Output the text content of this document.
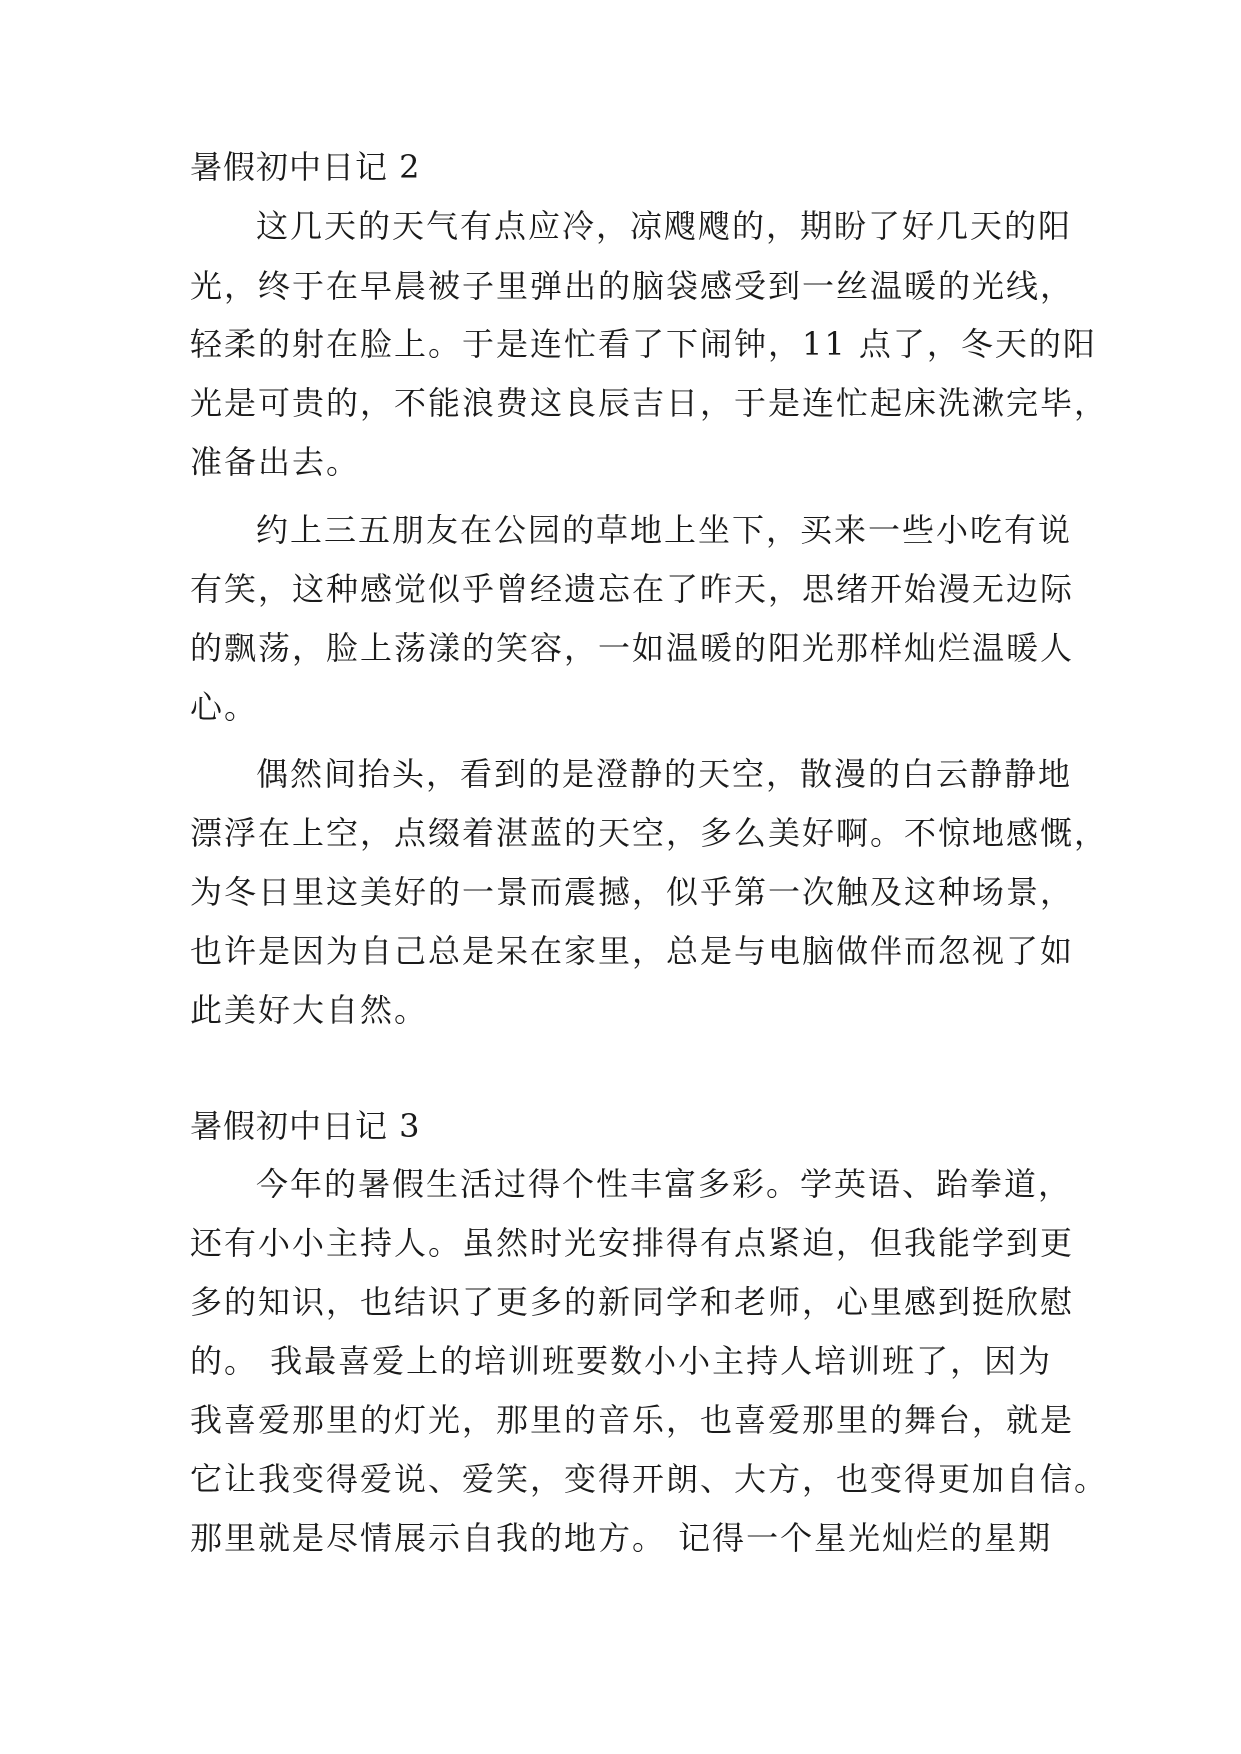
暑假初中日记 2
这几天的天气有点应冷，凉飕飕的，期盼了好几天的阳
光，终于在早晨被子里弹出的脑袋感受到一丝温暖的光线，
轻柔的射在脸上。于是连忙看了下闹钟，11 点了，冬天的阳
光是可贵的，不能浪费这良辰吉日，于是连忙起床洗漱完毕，
准备出去。
约上三五朋友在公园的草地上坐下，买来一些小吃有说
有笑，这种感觉似乎曾经遗忘在了昨天，思绪开始漫无边际
的飘荡，脸上荡漾的笑容，一如温暖的阳光那样灿烂温暖人
心。
偶然间抬头，看到的是澄静的天空，散漫的白云静静地
漂浮在上空，点缀着湛蓝的天空，多么美好啊。不惊地感慨，
为冬日里这美好的一景而震撼，似乎第一次触及这种场景，
也许是因为自己总是呆在家里，总是与电脑做伴而忽视了如
此美好大自然。
暑假初中日记 3
今年的暑假生活过得个性丰富多彩。学英语、跆拳道，
还有小小主持人。虽然时光安排得有点紧迫，但我能学到更
多的知识，也结识了更多的新同学和老师，心里感到挺欣慰
的。 我最喜爱上的培训班要数小小主持人培训班了，因为
我喜爱那里的灯光，那里的音乐，也喜爱那里的舞台，就是
它让我变得爱说、爱笑，变得开朗、大方，也变得更加自信。
那里就是尽情展示自我的地方。 记得一个星光灿烂的星期
